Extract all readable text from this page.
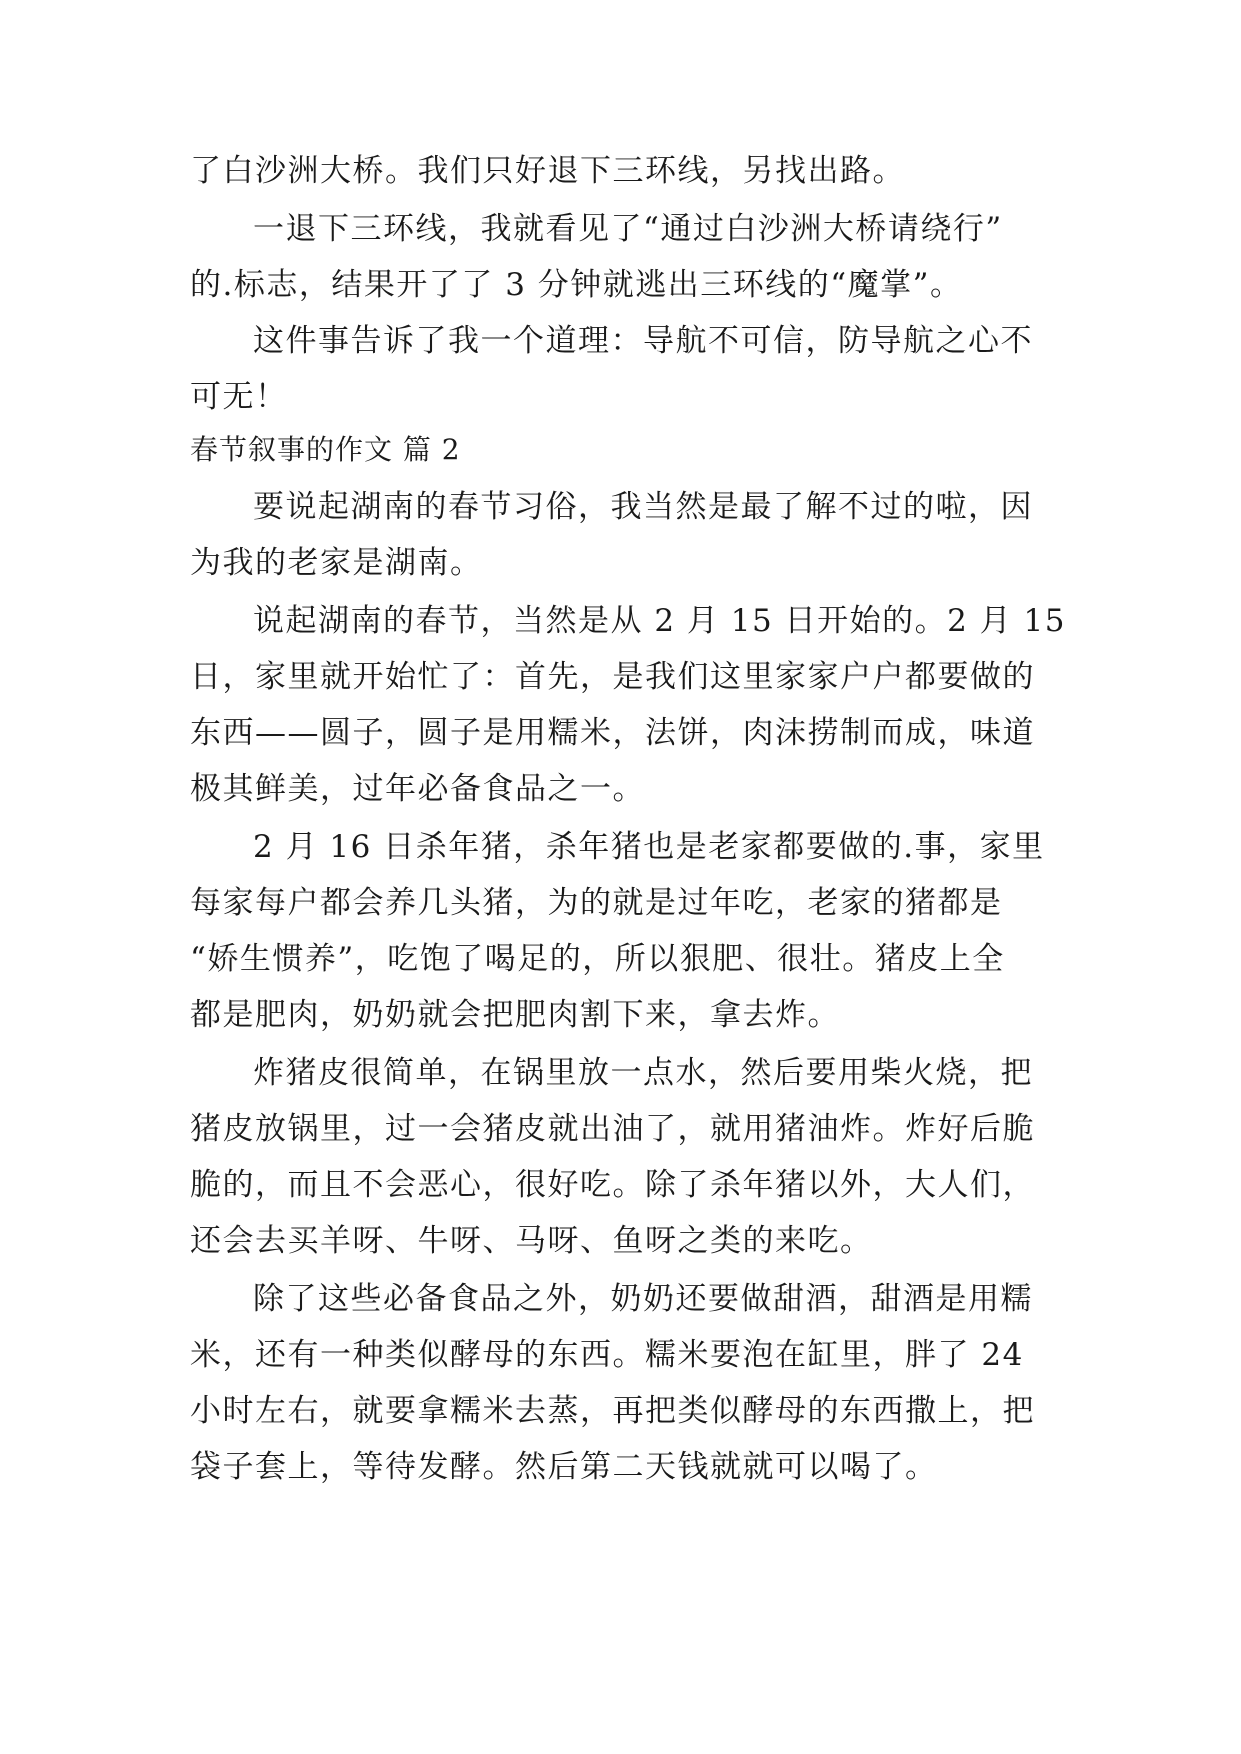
了白沙洲大桥。我们只好退下三环线，另找出路。
一退下三环线，我就看见了“通过白沙洲大桥请绕行”
的.标志，结果开了了 3 分钟就逃出三环线的“魔掌”。
这件事告诉了我一个道理：导航不可信，防导航之心不
可无！
春节叙事的作文 篇 2
要说起湖南的春节习俗，我当然是最了解不过的啦，因
为我的老家是湖南。
说起湖南的春节，当然是从 2 月 15 日开始的。2 月 15
日，家里就开始忙了：首先，是我们这里家家户户都要做的
东西——圆子，圆子是用糯米，法饼，肉沫捞制而成，味道
极其鲜美，过年必备食品之一。
2 月 16 日杀年猪，杀年猪也是老家都要做的.事，家里
每家每户都会养几头猪，为的就是过年吃，老家的猪都是
“娇生惯养”，吃饱了喝足的，所以狠肥、很壮。猪皮上全
都是肥肉，奶奶就会把肥肉割下来，拿去炸。
炸猪皮很简单，在锅里放一点水，然后要用柴火烧，把
猪皮放锅里，过一会猪皮就出油了，就用猪油炸。炸好后脆
脆的，而且不会恶心，很好吃。除了杀年猪以外，大人们，
还会去买羊呀、牛呀、马呀、鱼呀之类的来吃。
除了这些必备食品之外，奶奶还要做甜酒，甜酒是用糯
米，还有一种类似酵母的东西。糯米要泡在缸里，胖了 24
小时左右，就要拿糯米去蒸，再把类似酵母的东西撒上，把
袋子套上，等待发酵。然后第二天钱就就可以喝了。
